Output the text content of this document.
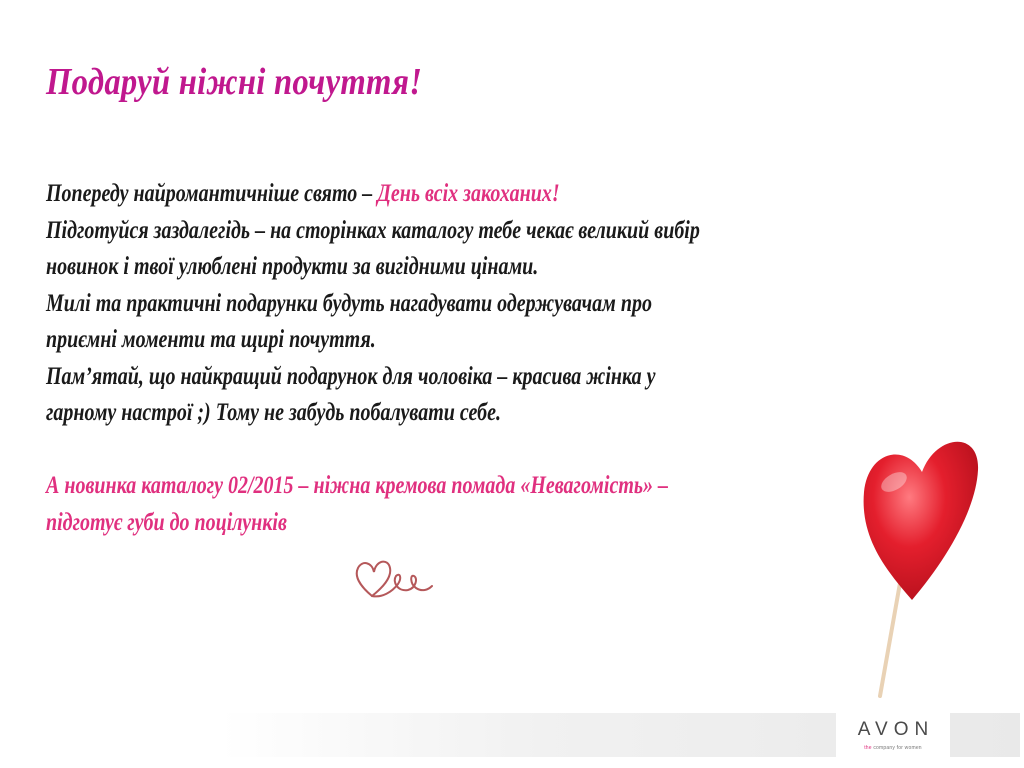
Подаруй ніжні почуття!

Попереду найромантичніше свято – День всіх закоханих!

Підготуйся заздалегідь – на сторінках каталогу тебе чекає великий вибір

новинок і твої улюблені продукти за вигідними цінами.

Милі та практичні подарунки будуть нагадувати одержувачам про

приємні моменти та щирі почуття.

Пам’ятай, що найкращий подарунок для чоловіка – красива жінка у

гарному настрої ;) Тому не забудь побалувати себе.

А новинка каталогу 02/2015 – ніжна кремова помада «Невагомість» –

підготує губи до поцілунків

AVON
the company for women
